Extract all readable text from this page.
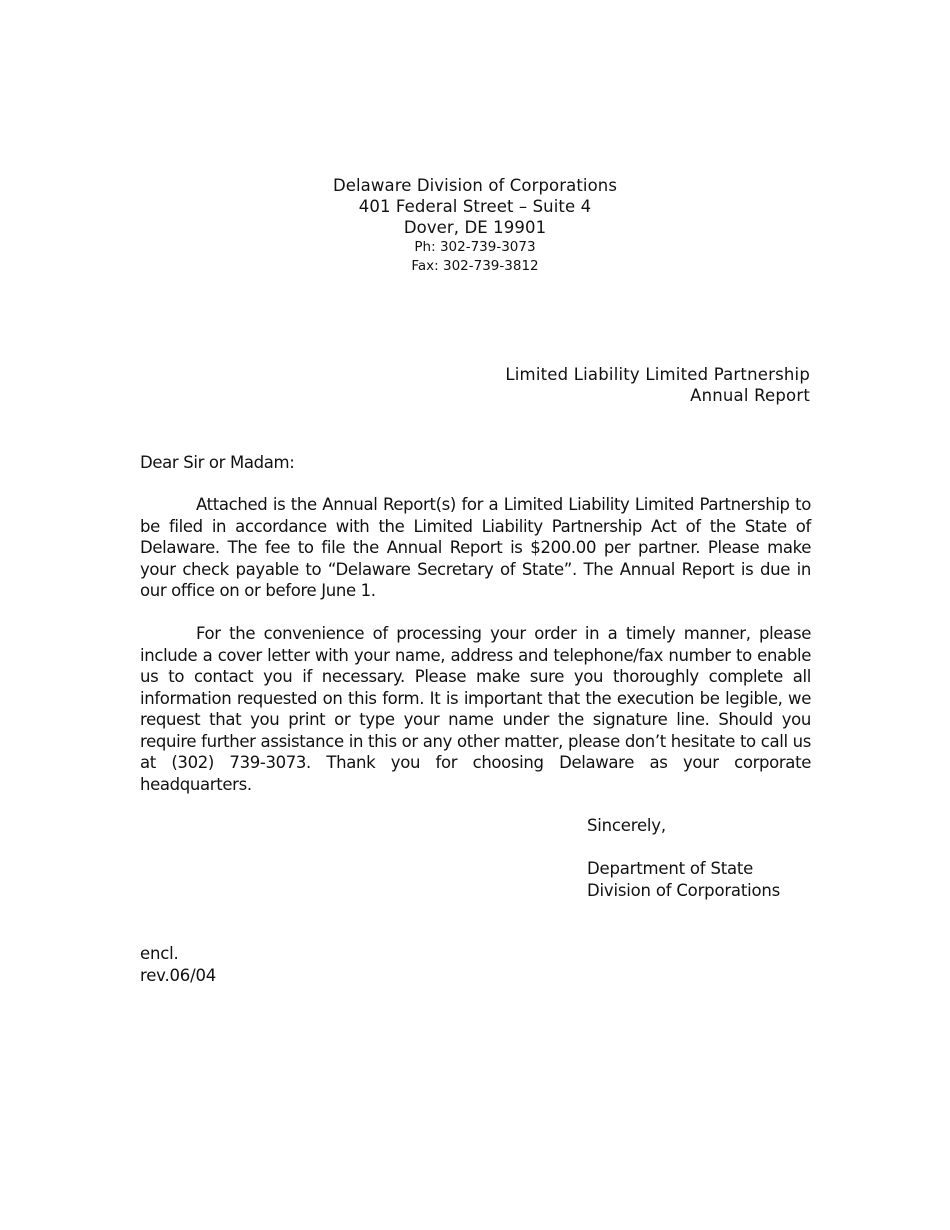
Delaware Division of Corporations
401 Federal Street – Suite 4
Dover, DE 19901
Ph: 302-739-3073
Fax: 302-739-3812
Limited Liability Limited Partnership
Annual Report
Dear Sir or Madam:
Attached is the Annual Report(s) for a Limited Liability Limited Partnership to be filed in accordance with the Limited Liability Partnership Act of the State of Delaware. The fee to file the Annual Report is $200.00 per partner. Please make your check payable to “Delaware Secretary of State”. The Annual Report is due in our office on or before June 1.
For the convenience of processing your order in a timely manner, please include a cover letter with your name, address and telephone/fax number to enable us to contact you if necessary. Please make sure you thoroughly complete all information requested on this form. It is important that the execution be legible, we request that you print or type your name under the signature line. Should you require further assistance in this or any other matter, please don’t hesitate to call us at (302) 739-3073. Thank you for choosing Delaware as your corporate headquarters.
Sincerely,
Department of State
Division of Corporations
encl.
rev.06/04
